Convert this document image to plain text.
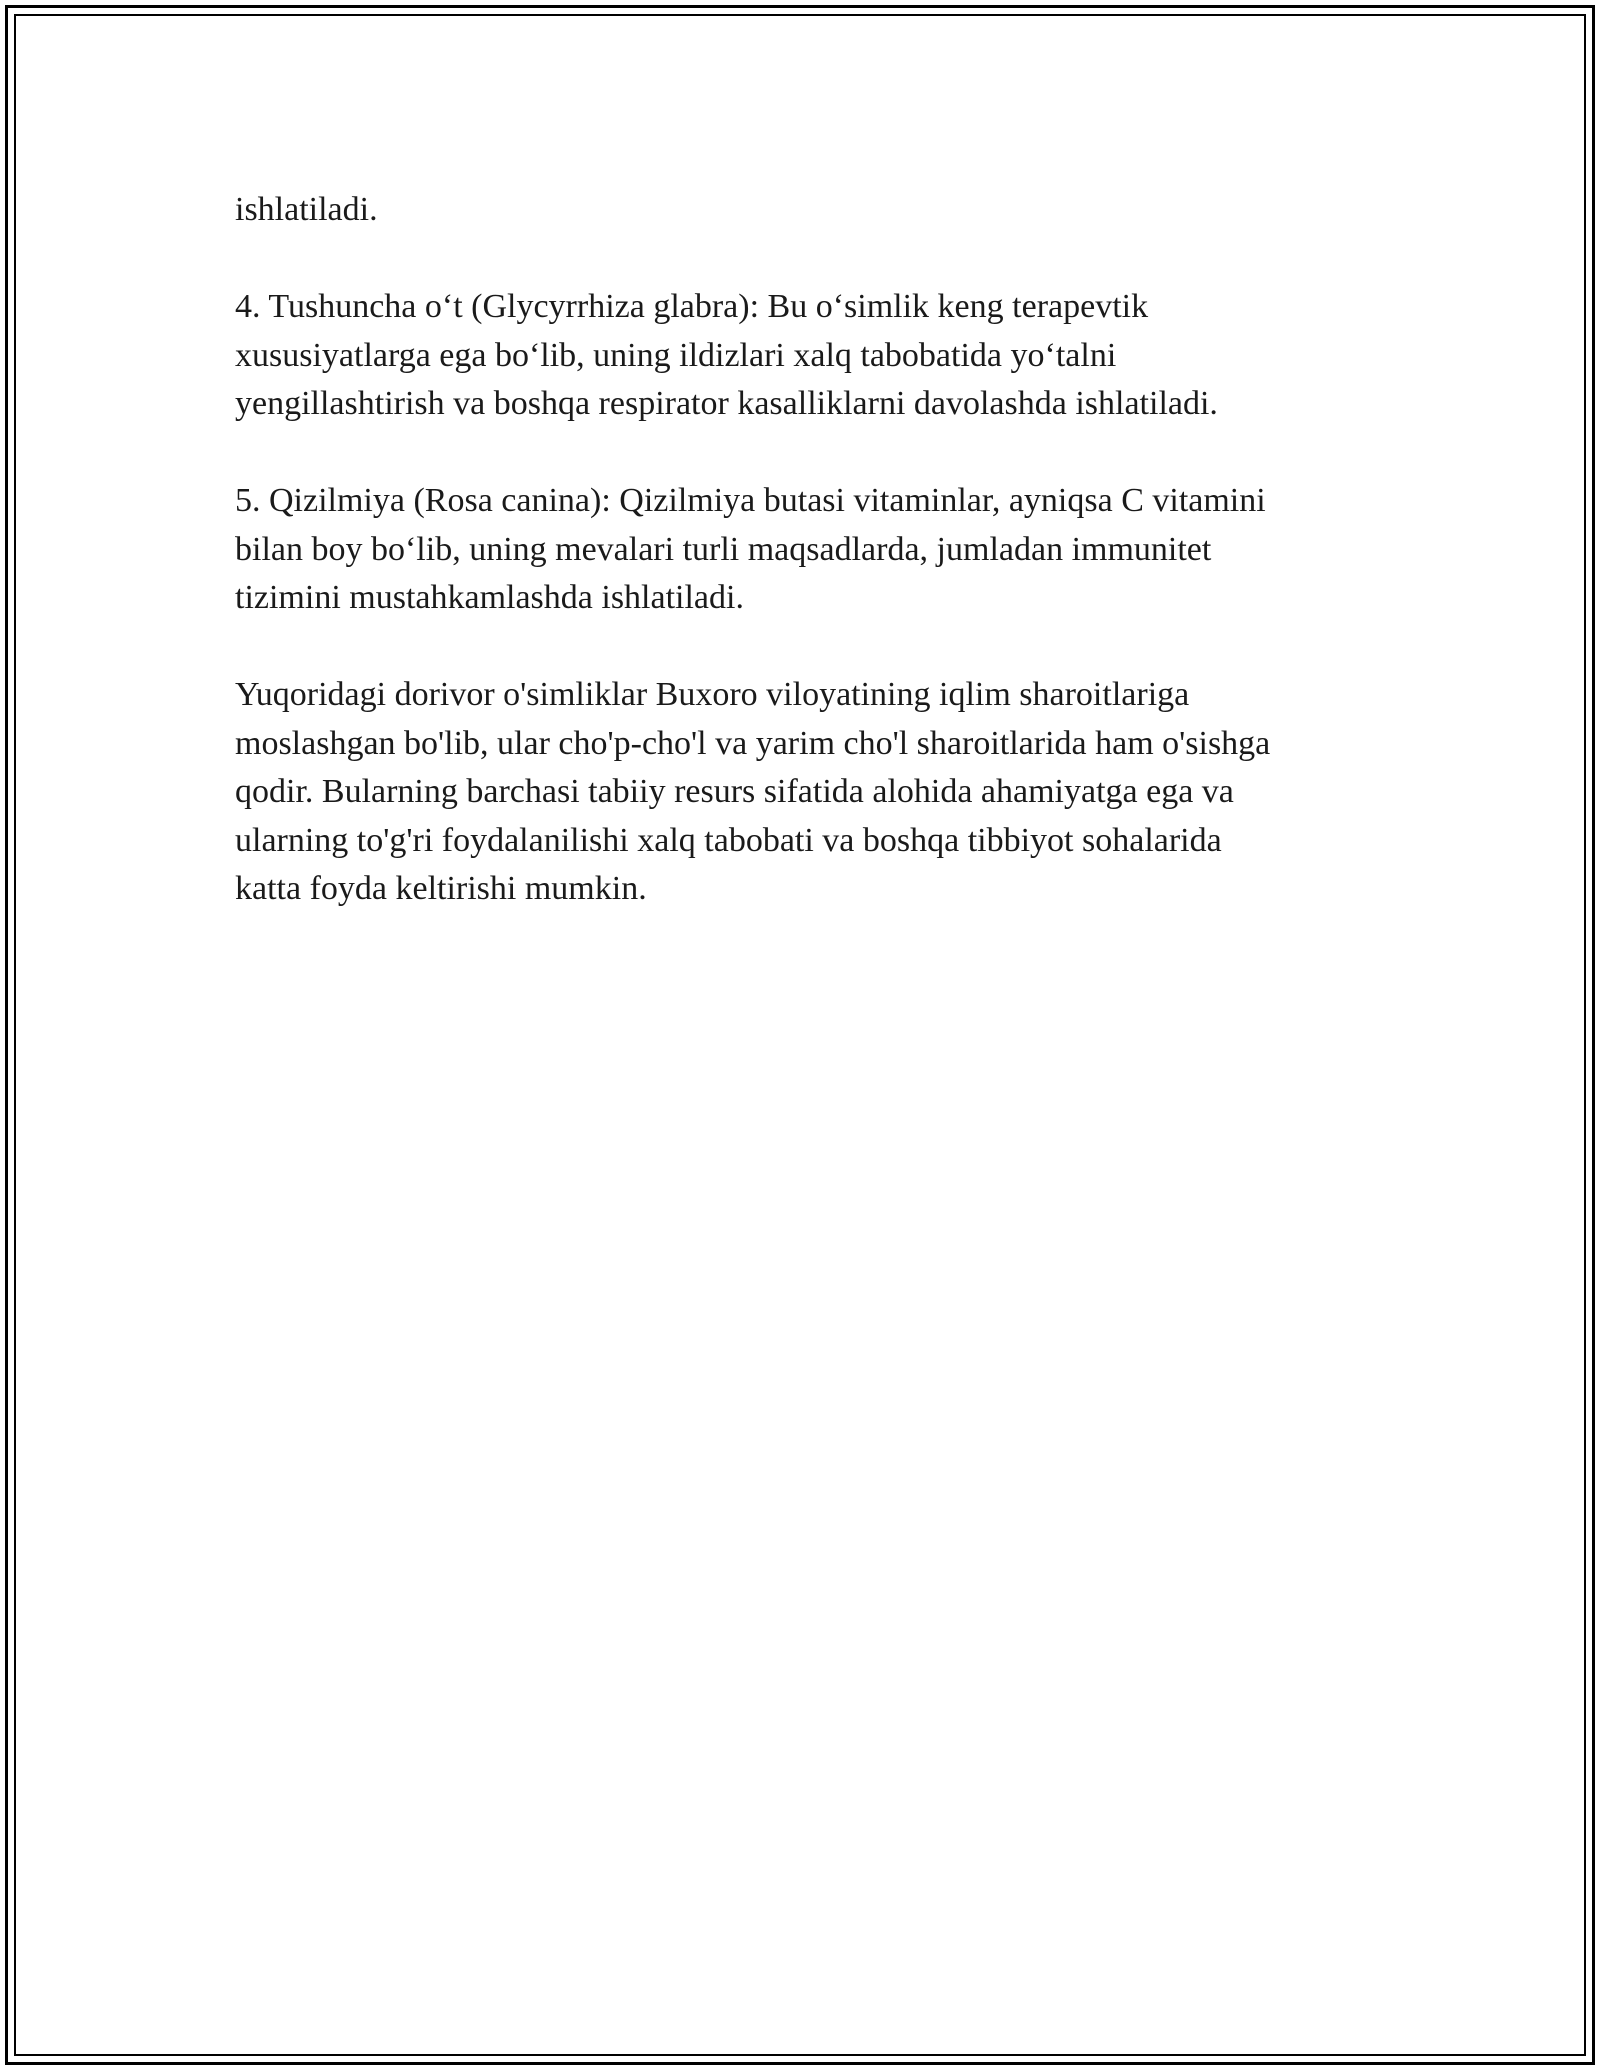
ishlatiladi.

4. Tushuncha o‘t (Glycyrrhiza glabra): Bu o‘simlik keng terapevtik
xususiyatlarga ega bo‘lib, uning ildizlari xalq tabobatida yo‘talni
yengillashtirish va boshqa respirator kasalliklarni davolashda ishlatiladi.

5. Qizilmiya (Rosa canina): Qizilmiya butasi vitaminlar, ayniqsa C vitamini
bilan boy bo‘lib, uning mevalari turli maqsadlarda, jumladan immunitet
tizimini mustahkamlashda ishlatiladi.

Yuqoridagi dorivor o'simliklar Buxoro viloyatining iqlim sharoitlariga
moslashgan bo'lib, ular cho'p-cho'l va yarim cho'l sharoitlarida ham o'sishga
qodir. Bularning barchasi tabiiy resurs sifatida alohida ahamiyatga ega va
ularning to'g'ri foydalanilishi xalq tabobati va boshqa tibbiyot sohalarida
katta foyda keltirishi mumkin.
